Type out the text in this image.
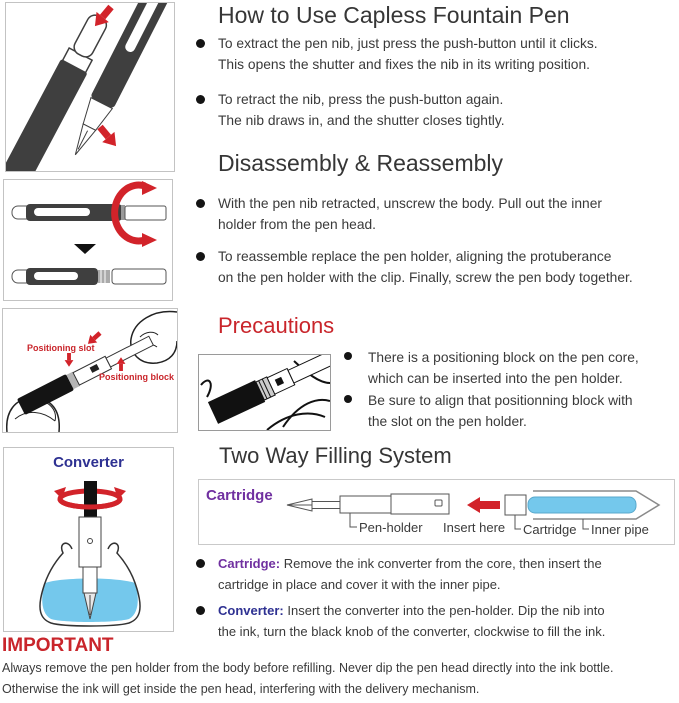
Positioning slot
Positioning block
Converter
How to Use Capless Fountain Pen
To extract the pen nib, just press the push-button until it clicks.
This opens the shutter and fixes the nib in its writing position.
To retract the nib, press the push-button again.
The nib draws in, and the shutter closes tightly.
Disassembly & Reassembly
With the pen nib retracted, unscrew the body. Pull out the inner
holder from the pen head.
To reassemble replace the pen holder, aligning the protuberance
on the pen holder with the clip. Finally, screw the pen body together.
Precautions
There is a positioning block on the pen core,
which can be inserted into the pen holder.
Be sure to align that positionning block with
the slot on the pen holder.
Two Way Filling System
Cartridge
Pen-holder Insert here Cartridge Inner pipe
Cartridge: Remove the ink converter from the core, then insert the
cartridge in place and cover it with the inner pipe.
Converter: Insert the converter into the pen-holder. Dip the nib into
the ink, turn the black knob of the converter, clockwise to fill the ink.
IMPORTANT
Always remove the pen holder from the body before refilling. Never dip the pen head directly into the ink bottle.
Otherwise the ink will get inside the pen head, interfering with the delivery mechanism.
